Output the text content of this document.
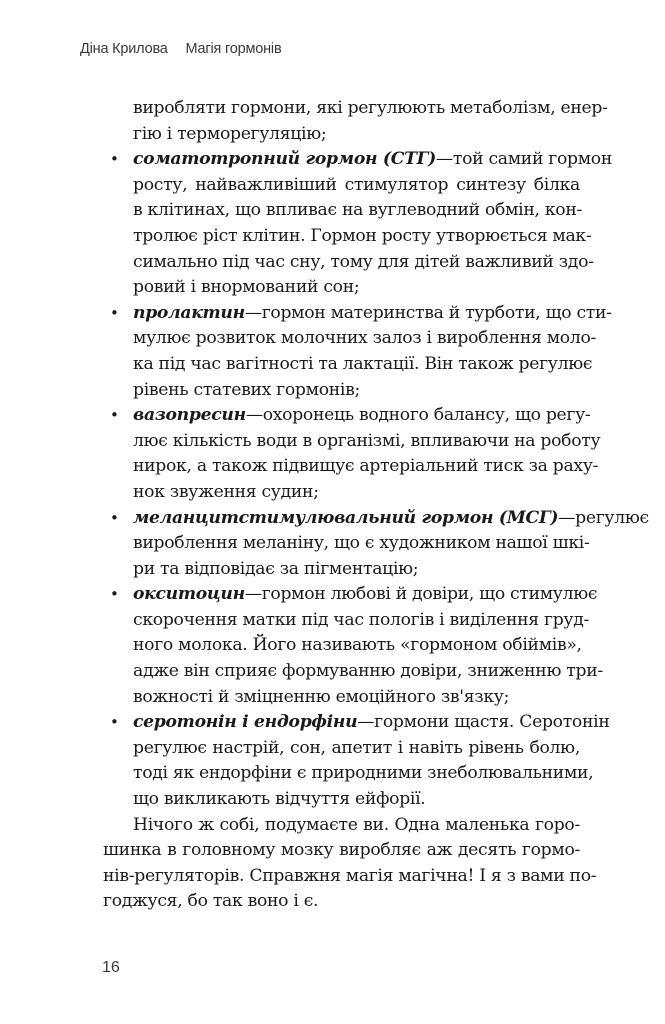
Діна Крилова Магія гормонів
виробляти гормони, які регулюють метаболізм, енер-
гію і терморегуляцію;
• соматотропний гормон (СТГ)—той самий гормон
росту, найважливіший стимулятор синтезу білка
в клітинах, що впливає на вуглеводний обмін, кон-
тролює ріст клітин. Гормон росту утворюється мак-
симально під час сну, тому для дітей важливий здо-
ровий і внормований сон;
• пролактин—гормон материнства й турботи, що сти-
мулює розвиток молочних залоз і вироблення моло-
ка під час вагітності та лактації. Він також регулює
рівень статевих гормонів;
• вазопресин—охоронець водного балансу, що регу-
лює кількість води в організмі, впливаючи на роботу
нирок, а також підвищує артеріальний тиск за раху-
нок звуження судин;
• меланцитстимулювальний гормон (МСГ)—регулює
вироблення меланіну, що є художником нашої шкі-
ри та відповідає за пігментацію;
• окситоцин—гормон любові й довіри, що стимулює
скорочення матки під час пологів і виділення груд-
ного молока. Його називають «гормоном обіймів»,
адже він сприяє формуванню довіри, зниженню три-
вожності й зміцненню емоційного зв'язку;
• серотонін і ендорфіни—гормони щастя. Серотонін
регулює настрій, сон, апетит і навіть рівень болю,
тоді як ендорфіни є природними знеболювальними,
що викликають відчуття ейфорії.
Нічого ж собі, подумаєте ви. Одна маленька горо-
шинка в головному мозку виробляє аж десять гормо-
нів-регуляторів. Справжня магія магічна! І я з вами по-
годжуся, бо так воно і є.
16
